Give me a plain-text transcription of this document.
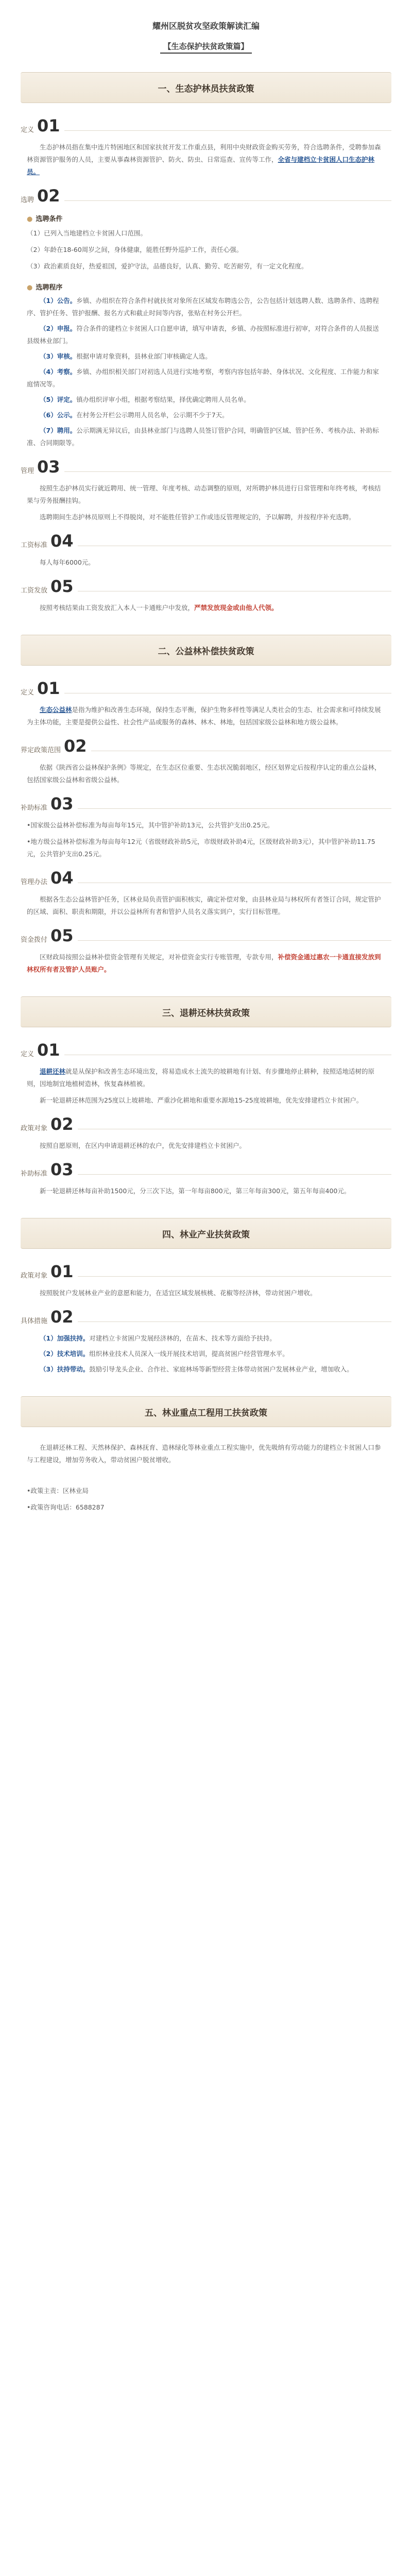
耀州区脱贫攻坚政策解读汇编
【生态保护扶贫政策篇】
一、生态护林员扶贫政策
定义 01
生态护林员指在集中连片特困地区和国家扶贫开发工作重点县，利用中央财政资金购买劳务，符合选聘条件，受聘参加森林资源管护服务的人员，主要从事森林资源管护、防火、防虫、日常巡查、宣传等工作，全省与建档立卡贫困人口生态护林员。
选聘 02
● 选聘条件
（1）已列入当地建档立卡贫困人口范围。
（2）年龄在18-60周岁之间，身体健康，能胜任野外巡护工作，责任心强。
（3）政治素质良好，热爱祖国，爱护守法，品德良好，认真、勤劳、吃苦耐劳，有一定文化程度。
● 选聘程序
（1）公告。乡镇、办组织在符合条件村就扶贫对象所在区域发布聘选公告，公告包括计划选聘人数、选聘条件、选聘程序、管护任务、管护报酬、报名方式和截止时间等内容，张贴在村务公开栏。
（2）申报。符合条件的建档立卡贫困人口自愿申请，填写申请表，乡镇、办按照标准进行初审，对符合条件的人员报送县级林业部门。
（3）审核。根据申请对象资料，县林业部门审核确定人选。
（4）考察。乡镇、办组织相关部门对初选人员进行实地考察，考察内容包括年龄、身体状况、文化程度、工作能力和家庭情况等。
（5）评定。镇办组织评审小组，根据考察结果，择优确定聘用人员名单。
（6）公示。在村务公开栏公示聘用人员名单，公示期不少于7天。
（7）聘用。公示期满无异议后，由县林业部门与选聘人员签订管护合同，明确管护区域、管护任务、考核办法、补助标准、合同期限等。
管理 03
按照生态护林员实行就近聘用、统一管理、年度考核、动态调整的原则，对所聘护林员进行日常管理和年终考核，考核结果与劳务报酬挂钩。
选聘期间生态护林员原则上不得脱岗，对不能胜任管护工作或违反管理规定的，予以解聘，并按程序补充选聘。
工资标准 04
每人每年6000元。
工资发放 05
按照考核结果由工资发放汇入本人一卡通账户中发放，严禁发放现金或由他人代领。
二、公益林补偿扶贫政策
定义 01
生态公益林是指为维护和改善生态环境，保持生态平衡，保护生物多样性等满足人类社会的生态、社会需求和可持续发展为主体功能，主要是提供公益性、社会性产品或服务的森林、林木、林地，包括国家级公益林和地方级公益林。
界定政策范围 02
依据《陕西省公益林保护条例》等规定，在生态区位重要、生态状况脆弱地区，经区划界定后按程序认定的重点公益林，包括国家级公益林和省级公益林。
补助标准 03
•国家级公益林补偿标准为每亩每年15元，其中管护补助13元，公共管护支出0.25元。
•地方级公益林补偿标准为每亩每年12元（省级财政补助5元，市级财政补助4元，区级财政补助3元），其中管护补助11.75元，公共管护支出0.25元。
管理办法 04
根据各生态公益林管护任务，区林业局负责管护面积核实，确定补偿对象，由县林业局与林权所有者签订合同，规定管护的区域、面积、职责和期限，并以公益林所有者和管护人员名义落实到户，实行目标管理。
资金拨付 05
区财政局按照公益林补偿资金管理有关规定，对补偿资金实行专账管理，专款专用，补偿资金通过惠农一卡通直接发放到林权所有者及管护人员账户。
三、退耕还林扶贫政策
定义 01
退耕还林就是从保护和改善生态环境出发，将易造成水土流失的坡耕地有计划、有步骤地停止耕种，按照适地适树的原则，因地制宜地植树造林，恢复森林植被。
新一轮退耕还林范围为25度以上坡耕地、严重沙化耕地和重要水源地15-25度坡耕地，优先安排建档立卡贫困户。
政策对象 02
按照自愿原则，在区内申请退耕还林的农户，优先安排建档立卡贫困户。
补助标准 03
新一轮退耕还林每亩补助1500元，分三次下达，第一年每亩800元，第三年每亩300元，第五年每亩400元。
四、林业产业扶贫政策
政策对象 01
按照脱贫户发展林业产业的意愿和能力，在适宜区域发展核桃、花椒等经济林，带动贫困户增收。
具体措施 02
（1）加强扶持。对建档立卡贫困户发展经济林的，在苗木、技术等方面给予扶持。
（2）技术培训。组织林业技术人员深入一线开展技术培训，提高贫困户经营管理水平。
（3）扶持带动。鼓励引导龙头企业、合作社、家庭林场等新型经营主体带动贫困户发展林业产业，增加收入。
五、林业重点工程用工扶贫政策
在退耕还林工程、天然林保护、森林抚育、造林绿化等林业重点工程实施中，优先吸纳有劳动能力的建档立卡贫困人口参与工程建设，增加劳务收入，带动贫困户脱贫增收。
•政策主责：区林业局
•政策咨询电话：6588287
